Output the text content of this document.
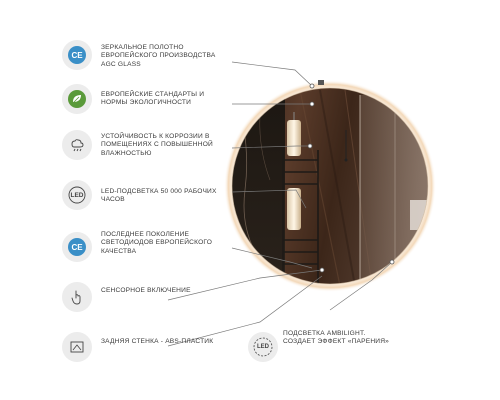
CE
ЗЕРКАЛЬНОЕ ПОЛОТНО ЕВРОПЕЙСКОГО ПРОИЗВОДСТВА AGC GLASS
ЕВРОПЕЙСКИЕ СТАНДАРТЫ И НОРМЫ ЭКОЛОГИЧНОСТИ
УСТОЙЧИВОСТЬ К КОРРОЗИИ В ПОМЕЩЕНИЯХ С ПОВЫШЕННОЙ ВЛАЖНОСТЬЮ
LED	LED-ПОДСВЕТКА 50 000 РАБОЧИХ ЧАСОВ
CE
ПОСЛЕДНЕЕ ПОКОЛЕНИЕ СВЕТОДИОДОВ ЕВРОПЕЙСКОГО КАЧЕСТВА
СЕНСОРНОЕ ВКЛЮЧЕНИЕ
ЗАДНЯЯ СТЕНКА - ABS-ПЛАСТИК
LED
ПОДСВЕТКА AMBILIGHT. СОЗДАЕТ ЭФФЕКТ «ПАРЕНИЯ»
